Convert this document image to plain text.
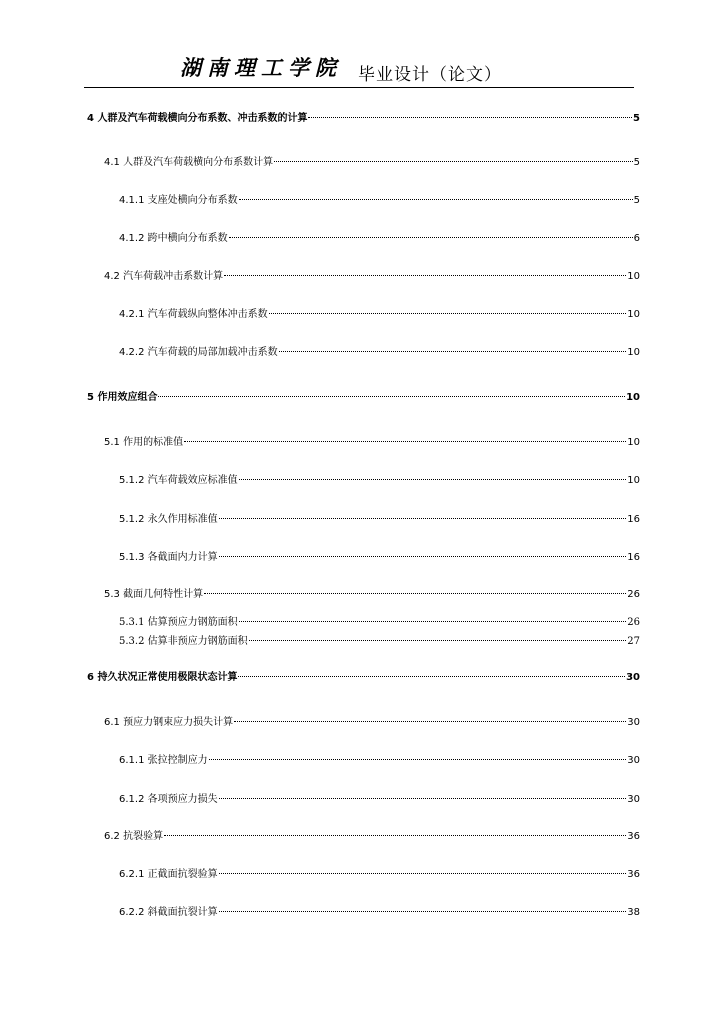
湖南理工学院 毕业设计（论文）
4 人群及汽车荷载横向分布系数、冲击系数的计算	5
4.1 人群及汽车荷载横向分布系数计算	5
4.1.1 支座处横向分布系数	5
4.1.2 跨中横向分布系数	6
4.2 汽车荷载冲击系数计算	10
4.2.1 汽车荷载纵向整体冲击系数	10
4.2.2 汽车荷载的局部加载冲击系数	10
5 作用效应组合	10
5.1 作用的标准值	10
5.1.2 汽车荷载效应标准值	10
5.1.2 永久作用标准值	16
5.1.3 各截面内力计算	16
5.3 截面几何特性计算	26
5.3.1 估算预应力钢筋面积	26
5.3.2 估算非预应力钢筋面积	27
6 持久状况正常使用极限状态计算	30
6.1 预应力钢束应力损失计算	30
6.1.1 张拉控制应力	30
6.1.2 各项预应力损失	30
6.2 抗裂验算	36
6.2.1 正截面抗裂验算	36
6.2.2 斜截面抗裂计算	38
